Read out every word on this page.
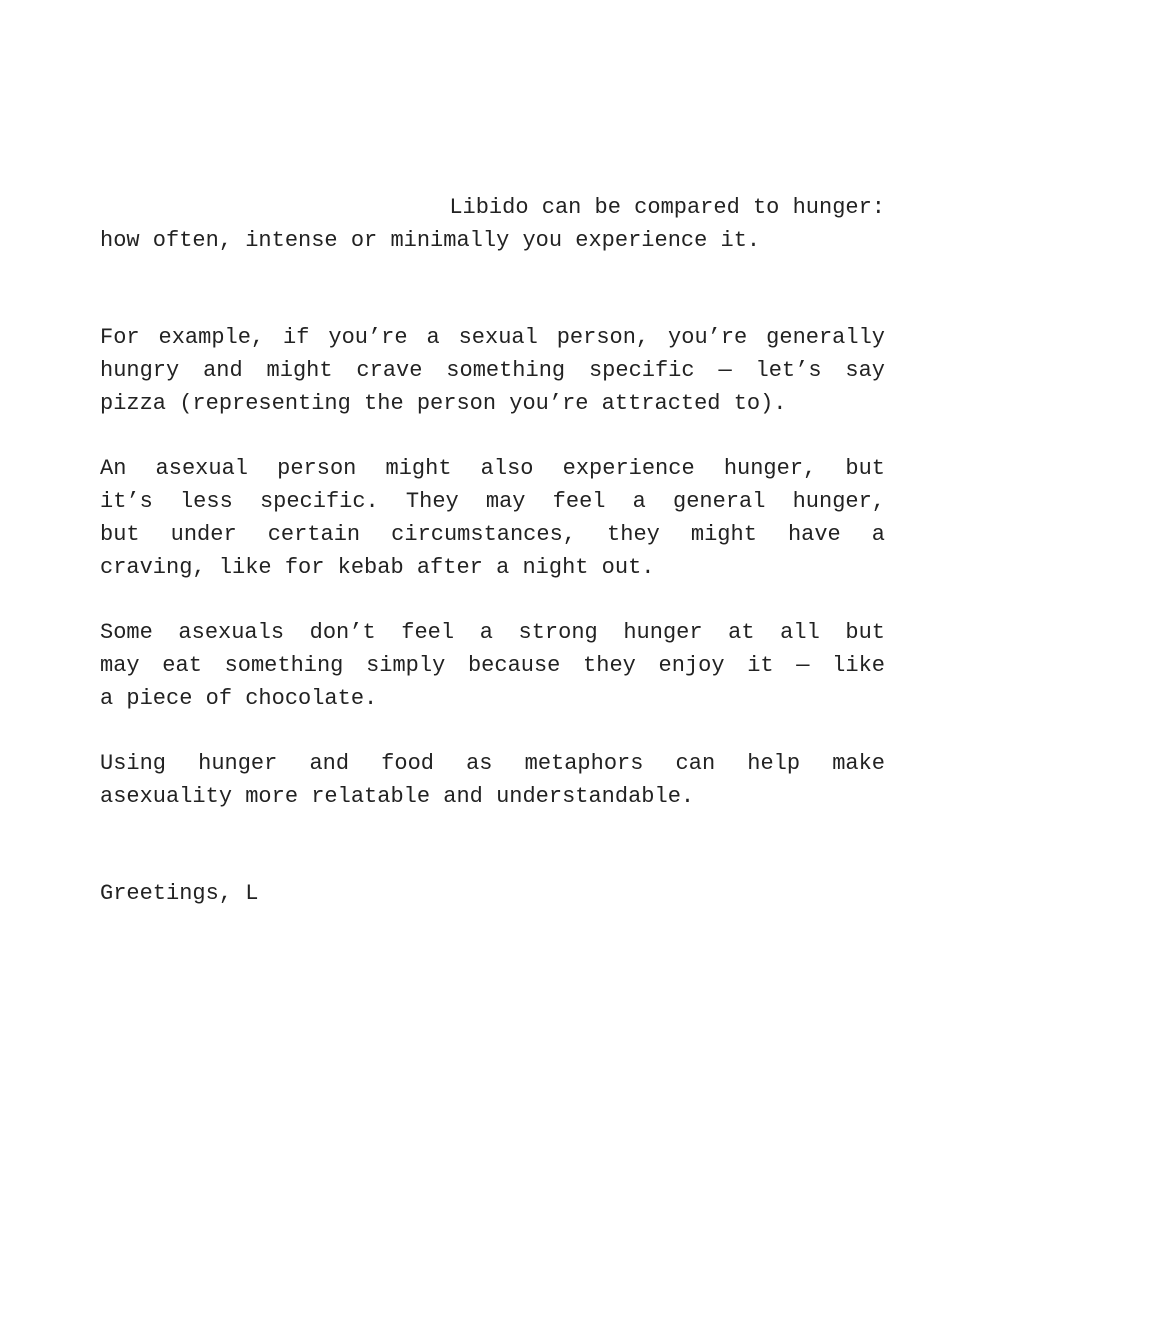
Libido can be compared to hunger:
how often, intense or minimally you experience it.
For example, if you’re a sexual person, you’re generally
hungry and might crave something specific — let’s say
pizza (representing the person you’re attracted to).
An asexual person might also experience hunger, but
it’s less specific. They may feel a general hunger,
but under certain circumstances, they might have a
craving, like for kebab after a night out.
Some asexuals don’t feel a strong hunger at all but
may eat something simply because they enjoy it — like
a piece of chocolate.
Using hunger and food as metaphors can help make
asexuality more relatable and understandable.
Greetings, L
